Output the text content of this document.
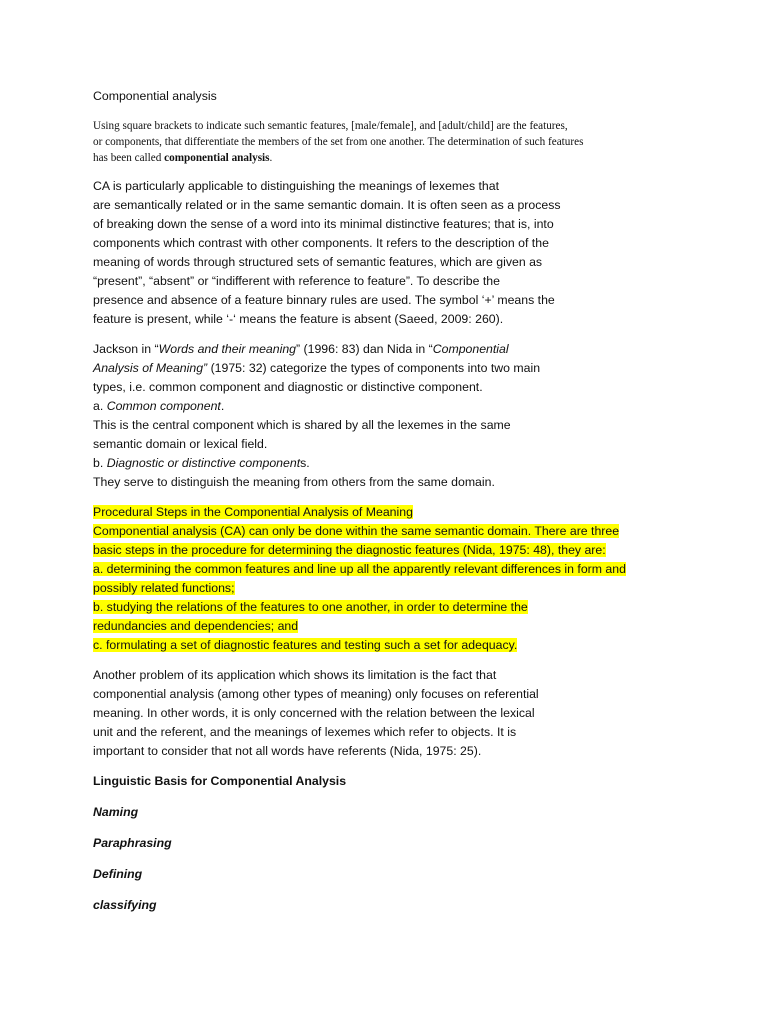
Componential analysis
Using square brackets to indicate such semantic features, [male/female], and [adult/child] are the features,
or components, that differentiate the members of the set from one another. The determination of such features
has been called componential analysis.
CA is particularly applicable to distinguishing the meanings of lexemes that
are semantically related or in the same semantic domain. It is often seen as a process
of breaking down the sense of a word into its minimal distinctive features; that is, into
components which contrast with other components. It refers to the description of the
meaning of words through structured sets of semantic features, which are given as
“present”, “absent” or “indifferent with reference to feature”. To describe the
presence and absence of a feature binnary rules are used. The symbol ‘+’ means the
feature is present, while ‘-‘ means the feature is absent (Saeed, 2009: 260).
Jackson in “Words and their meaning” (1996: 83) dan Nida in “Componential
Analysis of Meaning” (1975: 32) categorize the types of components into two main
types, i.e. common component and diagnostic or distinctive component.
a. Common component.
This is the central component which is shared by all the lexemes in the same
semantic domain or lexical field.
b. Diagnostic or distinctive components.
They serve to distinguish the meaning from others from the same domain.
Procedural Steps in the Componential Analysis of Meaning
Componential analysis (CA) can only be done within the same semantic domain. There are three
basic steps in the procedure for determining the diagnostic features (Nida, 1975: 48), they are:
a. determining the common features and line up all the apparently relevant differences in form and
possibly related functions;
b. studying the relations of the features to one another, in order to determine the
redundancies and dependencies; and
c. formulating a set of diagnostic features and testing such a set for adequacy.
Another problem of its application which shows its limitation is the fact that
componential analysis (among other types of meaning) only focuses on referential
meaning. In other words, it is only concerned with the relation between the lexical
unit and the referent, and the meanings of lexemes which refer to objects. It is
important to consider that not all words have referents (Nida, 1975: 25).
Linguistic Basis for Componential Analysis
Naming
Paraphrasing
Defining
classifying
